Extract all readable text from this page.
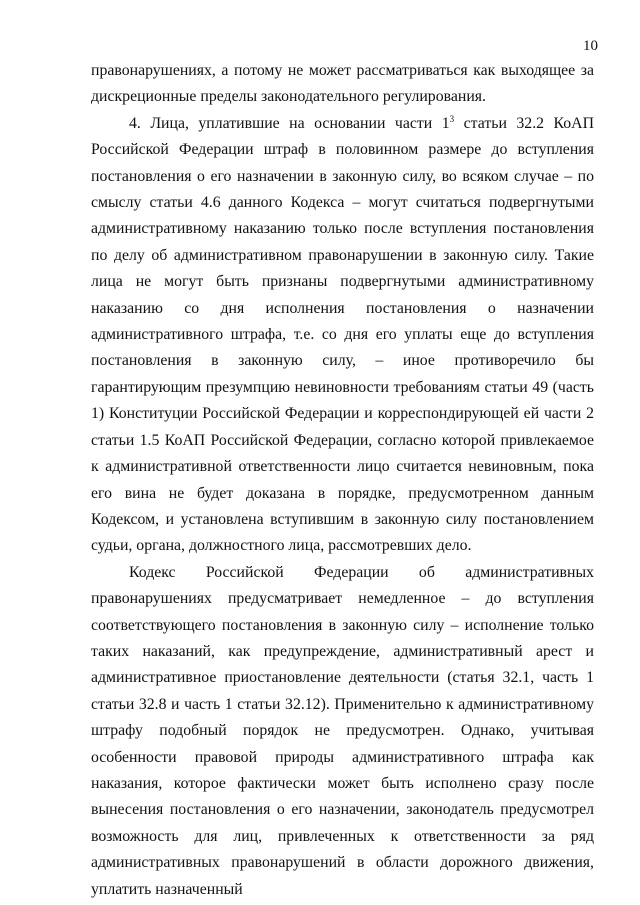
10

правонарушениях, а потому не может рассматриваться как выходящее за дискреционные пределы законодательного регулирования.

4. Лица, уплатившие на основании части $1^3$ статьи 32.2 КоАП Российской Федерации штраф в половинном размере до вступления постановления о его назначении в законную силу, во всяком случае – по смыслу статьи 4.6 данного Кодекса – могут считаться подвергнутыми административному наказанию только после вступления постановления по делу об административном правонарушении в законную силу. Такие лица не могут быть признаны подвергнутыми административному наказанию со дня исполнения постановления о назначении административного штрафа, т.е. со дня его уплаты еще до вступления постановления в законную силу, – иное противоречило бы гарантирующим презумпцию невиновности требованиям статьи 49 (часть 1) Конституции Российской Федерации и корреспондирующей ей части 2 статьи 1.5 КоАП Российской Федерации, согласно которой привлекаемое к административной ответственности лицо считается невиновным, пока его вина не будет доказана в порядке, предусмотренном данным Кодексом, и установлена вступившим в законную силу постановлением судьи, органа, должностного лица, рассмотревших дело.

Кодекс Российской Федерации об административных правонарушениях предусматривает немедленное – до вступления соответствующего постановления в законную силу – исполнение только таких наказаний, как предупреждение, административный арест и административное приостановление деятельности (статья 32.1, часть 1 статьи 32.8 и часть 1 статьи 32.12). Применительно к административному штрафу подобный порядок не предусмотрен. Однако, учитывая особенности правовой природы административного штрафа как наказания, которое фактически может быть исполнено сразу после вынесения постановления о его назначении, законодатель предусмотрел возможность для лиц, привлеченных к ответственности за ряд административных правонарушений в области дорожного движения, уплатить назначенный
